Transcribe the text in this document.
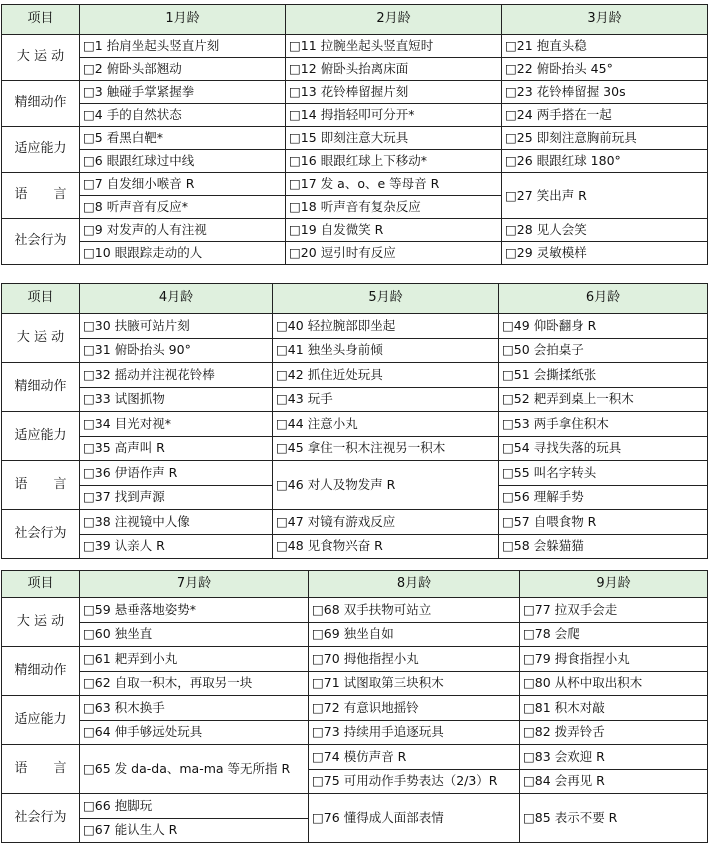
项目	1月龄	2月龄	3月龄
大 运 动	□1 抬肩坐起头竖直片刻	□11 拉腕坐起头竖直短时	□21 抱直头稳
	□2 俯卧头部翘动	□12 俯卧头抬离床面	□22 俯卧抬头 45°
精细动作	□3 触碰手掌紧握拳	□13 花铃棒留握片刻	□23 花铃棒留握 30s
	□4 手的自然状态	□14 拇指轻叩可分开*	□24 两手搭在一起
适应能力	□5 看黑白靶*	□15 即刻注意大玩具	□25 即刻注意胸前玩具
	□6 眼跟红球过中线	□16 眼跟红球上下移动*	□26 眼跟红球 180°
语　　言	□7 自发细小喉音 R	□17 发 a、o、e 等母音 R	□27 笑出声 R
	□8 听声音有反应*	□18 听声音有复杂反应	
社会行为	□9 对发声的人有注视	□19 自发微笑 R	□28 见人会笑
	□10 眼跟踪走动的人	□20 逗引时有反应	□29 灵敏模样
项目	4月龄	5月龄	6月龄
大 运 动	□30 扶腋可站片刻	□40 轻拉腕部即坐起	□49 仰卧翻身 R
	□31 俯卧抬头 90°	□41 独坐头身前倾	□50 会拍桌子
精细动作	□32 摇动并注视花铃棒	□42 抓住近处玩具	□51 会撕揉纸张
	□33 试图抓物	□43 玩手	□52 耙弄到桌上一积木
适应能力	□34 目光对视*	□44 注意小丸	□53 两手拿住积木
	□35 高声叫 R	□45 拿住一积木注视另一积木	□54 寻找失落的玩具
语　　言	□36 伊语作声 R	□46 对人及物发声 R	□55 叫名字转头
	□37 找到声源		□56 理解手势
社会行为	□38 注视镜中人像	□47 对镜有游戏反应	□57 自喂食物 R
	□39 认亲人 R	□48 见食物兴奋 R	□58 会躲猫猫
项目	7月龄	8月龄	9月龄
大 运 动	□59 悬垂落地姿势*	□68 双手扶物可站立	□77 拉双手会走
	□60 独坐直	□69 独坐自如	□78 会爬
精细动作	□61 耙弄到小丸	□70 拇他指捏小丸	□79 拇食指捏小丸
	□62 自取一积木，再取另一块	□71 试图取第三块积木	□80 从杯中取出积木
适应能力	□63 积木换手	□72 有意识地摇铃	□81 积木对敲
	□64 伸手够远处玩具	□73 持续用手追逐玩具	□82 拨弄铃舌
语　　言	□65 发 da-da、ma-ma 等无所指 R	□74 模仿声音 R	□83 会欢迎 R
		□75 可用动作手势表达（2/3）R	□84 会再见 R
社会行为	□66 抱脚玩	□76 懂得成人面部表情	□85 表示不要 R
	□67 能认生人 R		
